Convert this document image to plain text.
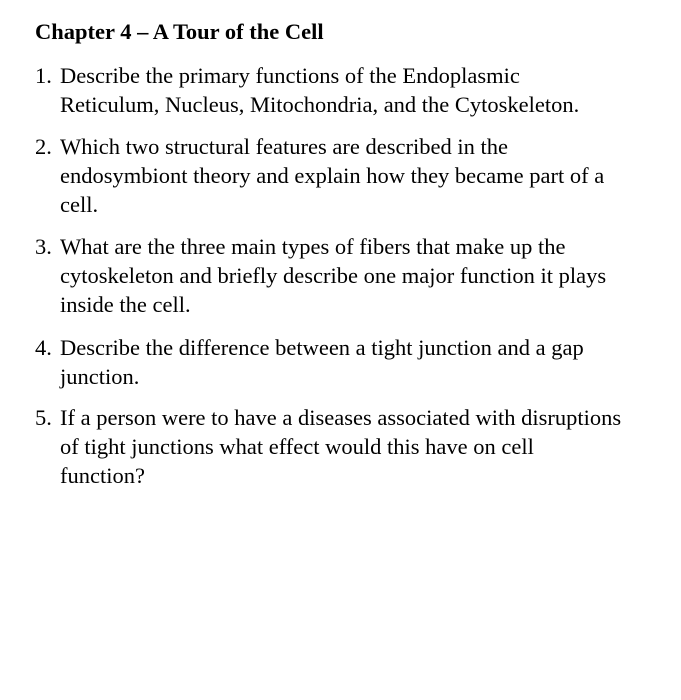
Chapter 4 – A Tour of the Cell
1. Describe the primary functions of the Endoplasmic
Reticulum, Nucleus, Mitochondria, and the Cytoskeleton.
2. Which two structural features are described in the
endosymbiont theory and explain how they became part of a
cell.
3. What are the three main types of fibers that make up the
cytoskeleton and briefly describe one major function it plays
inside the cell.
4. Describe the difference between a tight junction and a gap
junction.
5. If a person were to have a diseases associated with disruptions
of tight junctions what effect would this have on cell
function?
